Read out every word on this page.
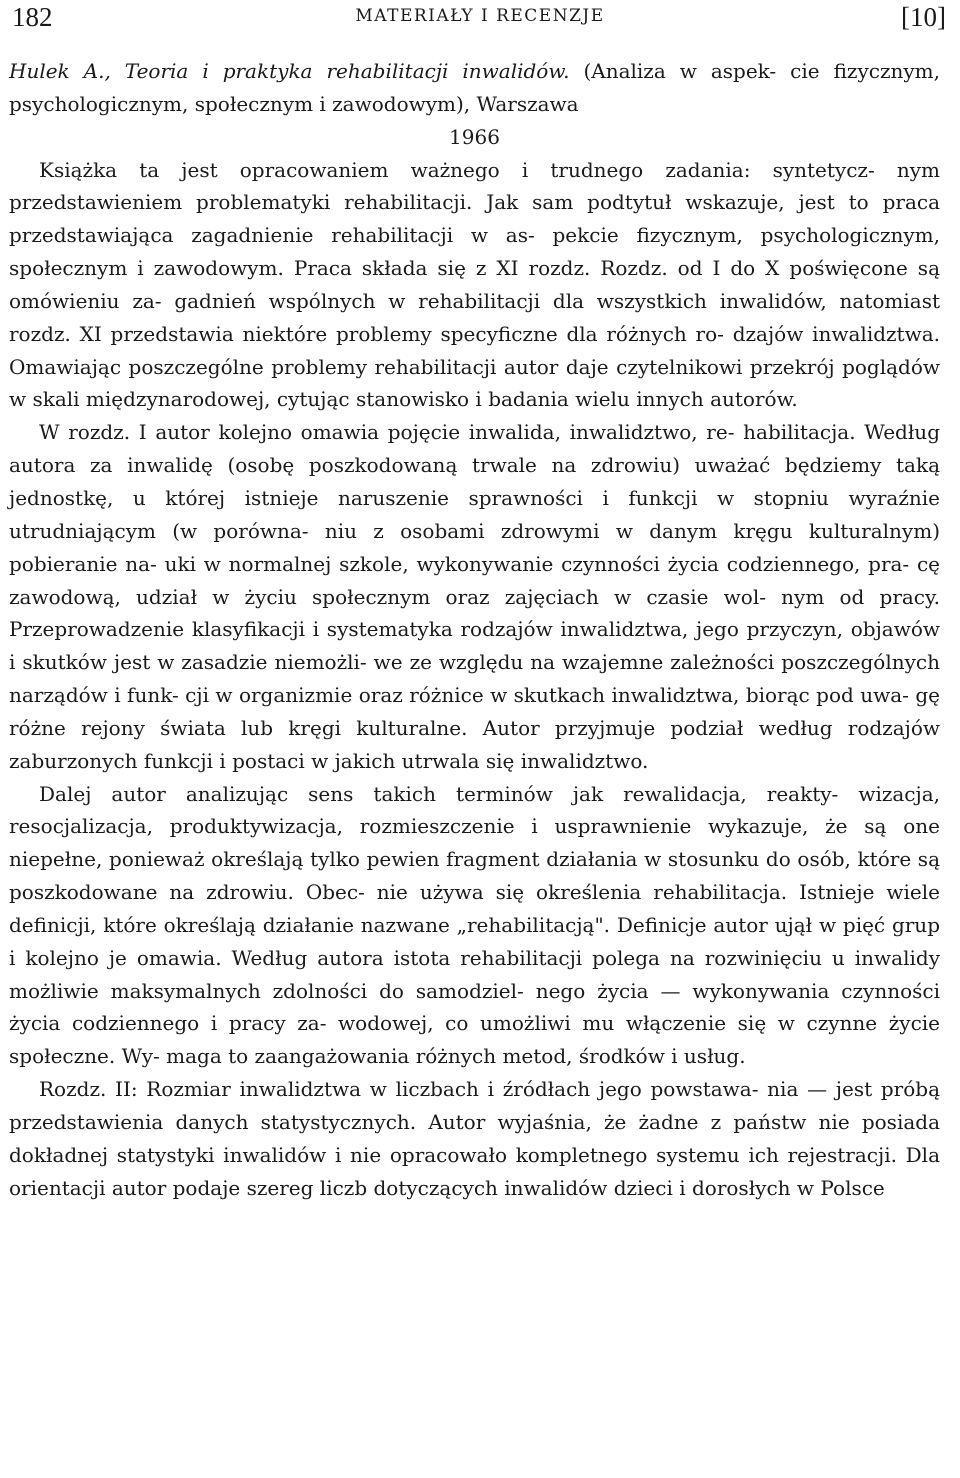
182	MATERIAŁY I RECENZJE	[10]

Hulek A., Teoria i praktyka rehabilitacji inwalidów. (Analiza w aspek- cie fizycznym, psychologicznym, społecznym i zawodowym), Warszawa

1966

Książka ta jest opracowaniem ważnego i trudnego zadania: syntetycz- nym przedstawieniem problematyki rehabilitacji. Jak sam podtytuł wskazuje, jest to praca przedstawiająca zagadnienie rehabilitacji w as- pekcie fizycznym, psychologicznym, społecznym i zawodowym. Praca składa się z XI rozdz. Rozdz. od I do X poświęcone są omówieniu za- gadnień wspólnych w rehabilitacji dla wszystkich inwalidów, natomiast rozdz. XI przedstawia niektóre problemy specyficzne dla różnych ro- dzajów inwalidztwa. Omawiając poszczególne problemy rehabilitacji autor daje czytelnikowi przekrój poglądów w skali międzynarodowej, cytując stanowisko i badania wielu innych autorów.

W rozdz. I autor kolejno omawia pojęcie inwalida, inwalidztwo, re- habilitacja. Według autora za inwalidę (osobę poszkodowaną trwale na zdrowiu) uważać będziemy taką jednostkę, u której istnieje naruszenie sprawności i funkcji w stopniu wyraźnie utrudniającym (w porówna- niu z osobami zdrowymi w danym kręgu kulturalnym) pobieranie na- uki w normalnej szkole, wykonywanie czynności życia codziennego, pra- cę zawodową, udział w życiu społecznym oraz zajęciach w czasie wol- nym od pracy. Przeprowadzenie klasyfikacji i systematyka rodzajów inwalidztwa, jego przyczyn, objawów i skutków jest w zasadzie niemożli- we ze względu na wzajemne zależności poszczególnych narządów i funk- cji w organizmie oraz różnice w skutkach inwalidztwa, biorąc pod uwa- gę różne rejony świata lub kręgi kulturalne. Autor przyjmuje podział według rodzajów zaburzonych funkcji i postaci w jakich utrwala się inwalidztwo.

Dalej autor analizując sens takich terminów jak rewalidacja, reakty- wizacja, resocjalizacja, produktywizacja, rozmieszczenie i usprawnienie wykazuje, że są one niepełne, ponieważ określają tylko pewien fragment działania w stosunku do osób, które są poszkodowane na zdrowiu. Obec- nie używa się określenia rehabilitacja. Istnieje wiele definicji, które określają działanie nazwane „rehabilitacją". Definicje autor ujął w pięć grup i kolejno je omawia. Według autora istota rehabilitacji polega na rozwinięciu u inwalidy możliwie maksymalnych zdolności do samodziel- nego życia — wykonywania czynności życia codziennego i pracy za- wodowej, co umożliwi mu włączenie się w czynne życie społeczne. Wy- maga to zaangażowania różnych metod, środków i usług.

Rozdz. II: Rozmiar inwalidztwa w liczbach i źródłach jego powstawa- nia — jest próbą przedstawienia danych statystycznych. Autor wyjaśnia, że żadne z państw nie posiada dokładnej statystyki inwalidów i nie opracowało kompletnego systemu ich rejestracji. Dla orientacji autor podaje szereg liczb dotyczących inwalidów dzieci i dorosłych w Polsce
